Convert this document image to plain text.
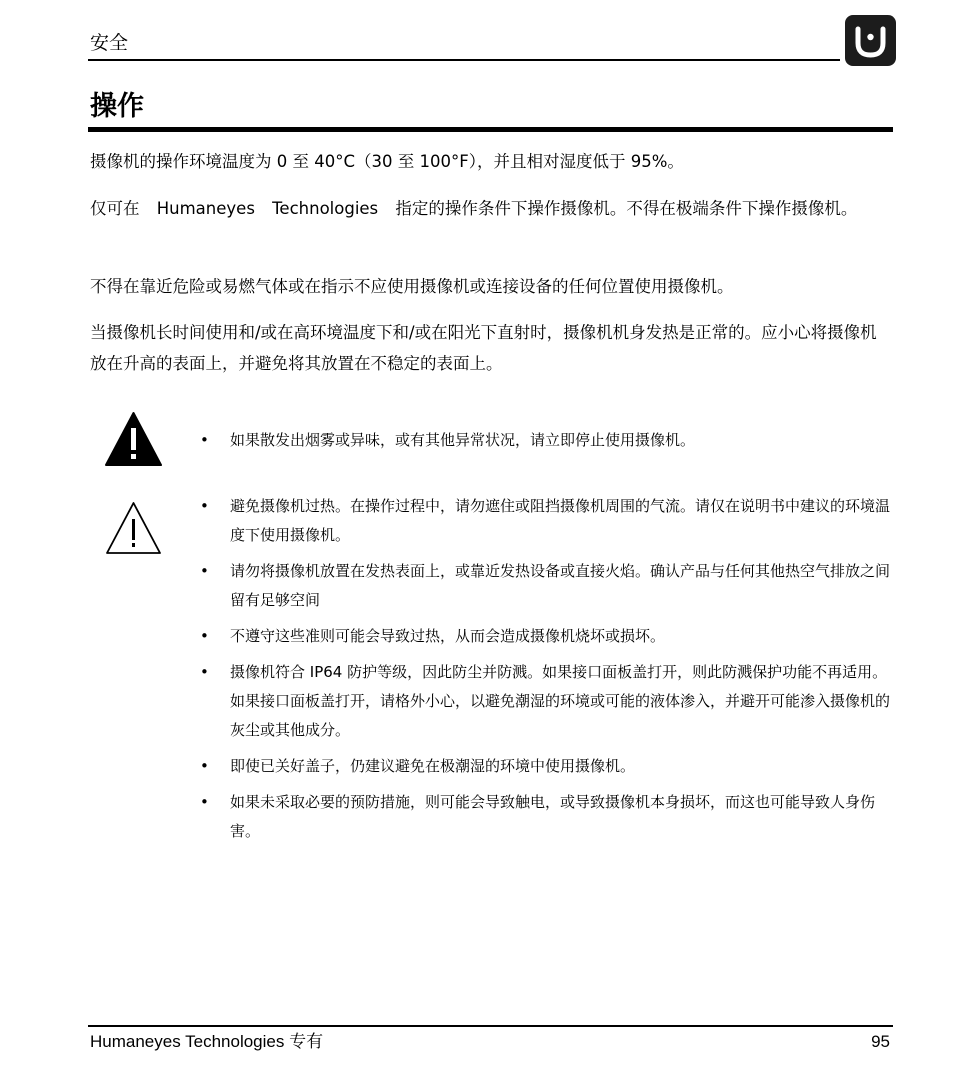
安全
操作

摄像机的操作环境温度为 0 至 40°C（30 至 100°F），并且相对湿度低于 95%。

仅可在 Humaneyes Technologies 指定的操作条件下操作摄像机。不得在极端条件下操作摄像机。

不得在靠近危险或易燃气体或在指示不应使用摄像机或连接设备的任何位置使用摄像机。

当摄像机长时间使用和/或在高环境温度下和/或在阳光下直射时，摄像机机身发热是正常的。应小心将摄像机放在升高的表面上，并避免将其放置在不稳定的表面上。

• 如果散发出烟雾或异味，或有其他异常状况，请立即停止使用摄像机。
• 避免摄像机过热。在操作过程中，请勿遮住或阻挡摄像机周围的气流。请仅在说明书中建议的环境温度下使用摄像机。
• 请勿将摄像机放置在发热表面上，或靠近发热设备或直接火焰。确认产品与任何其他热空气排放之间留有足够空间
• 不遵守这些准则可能会导致过热，从而会造成摄像机烧坏或损坏。
• 摄像机符合 IP64 防护等级，因此防尘并防溅。如果接口面板盖打开，则此防溅保护功能不再适用。如果接口面板盖打开，请格外小心，以避免潮湿的环境或可能的液体渗入，并避开可能渗入摄像机的灰尘或其他成分。
• 即使已关好盖子，仍建议避免在极潮湿的环境中使用摄像机。
• 如果未采取必要的预防措施，则可能会导致触电，或导致摄像机本身损坏，而这也可能导致人身伤害。
Humaneyes Technologies 专有	95
